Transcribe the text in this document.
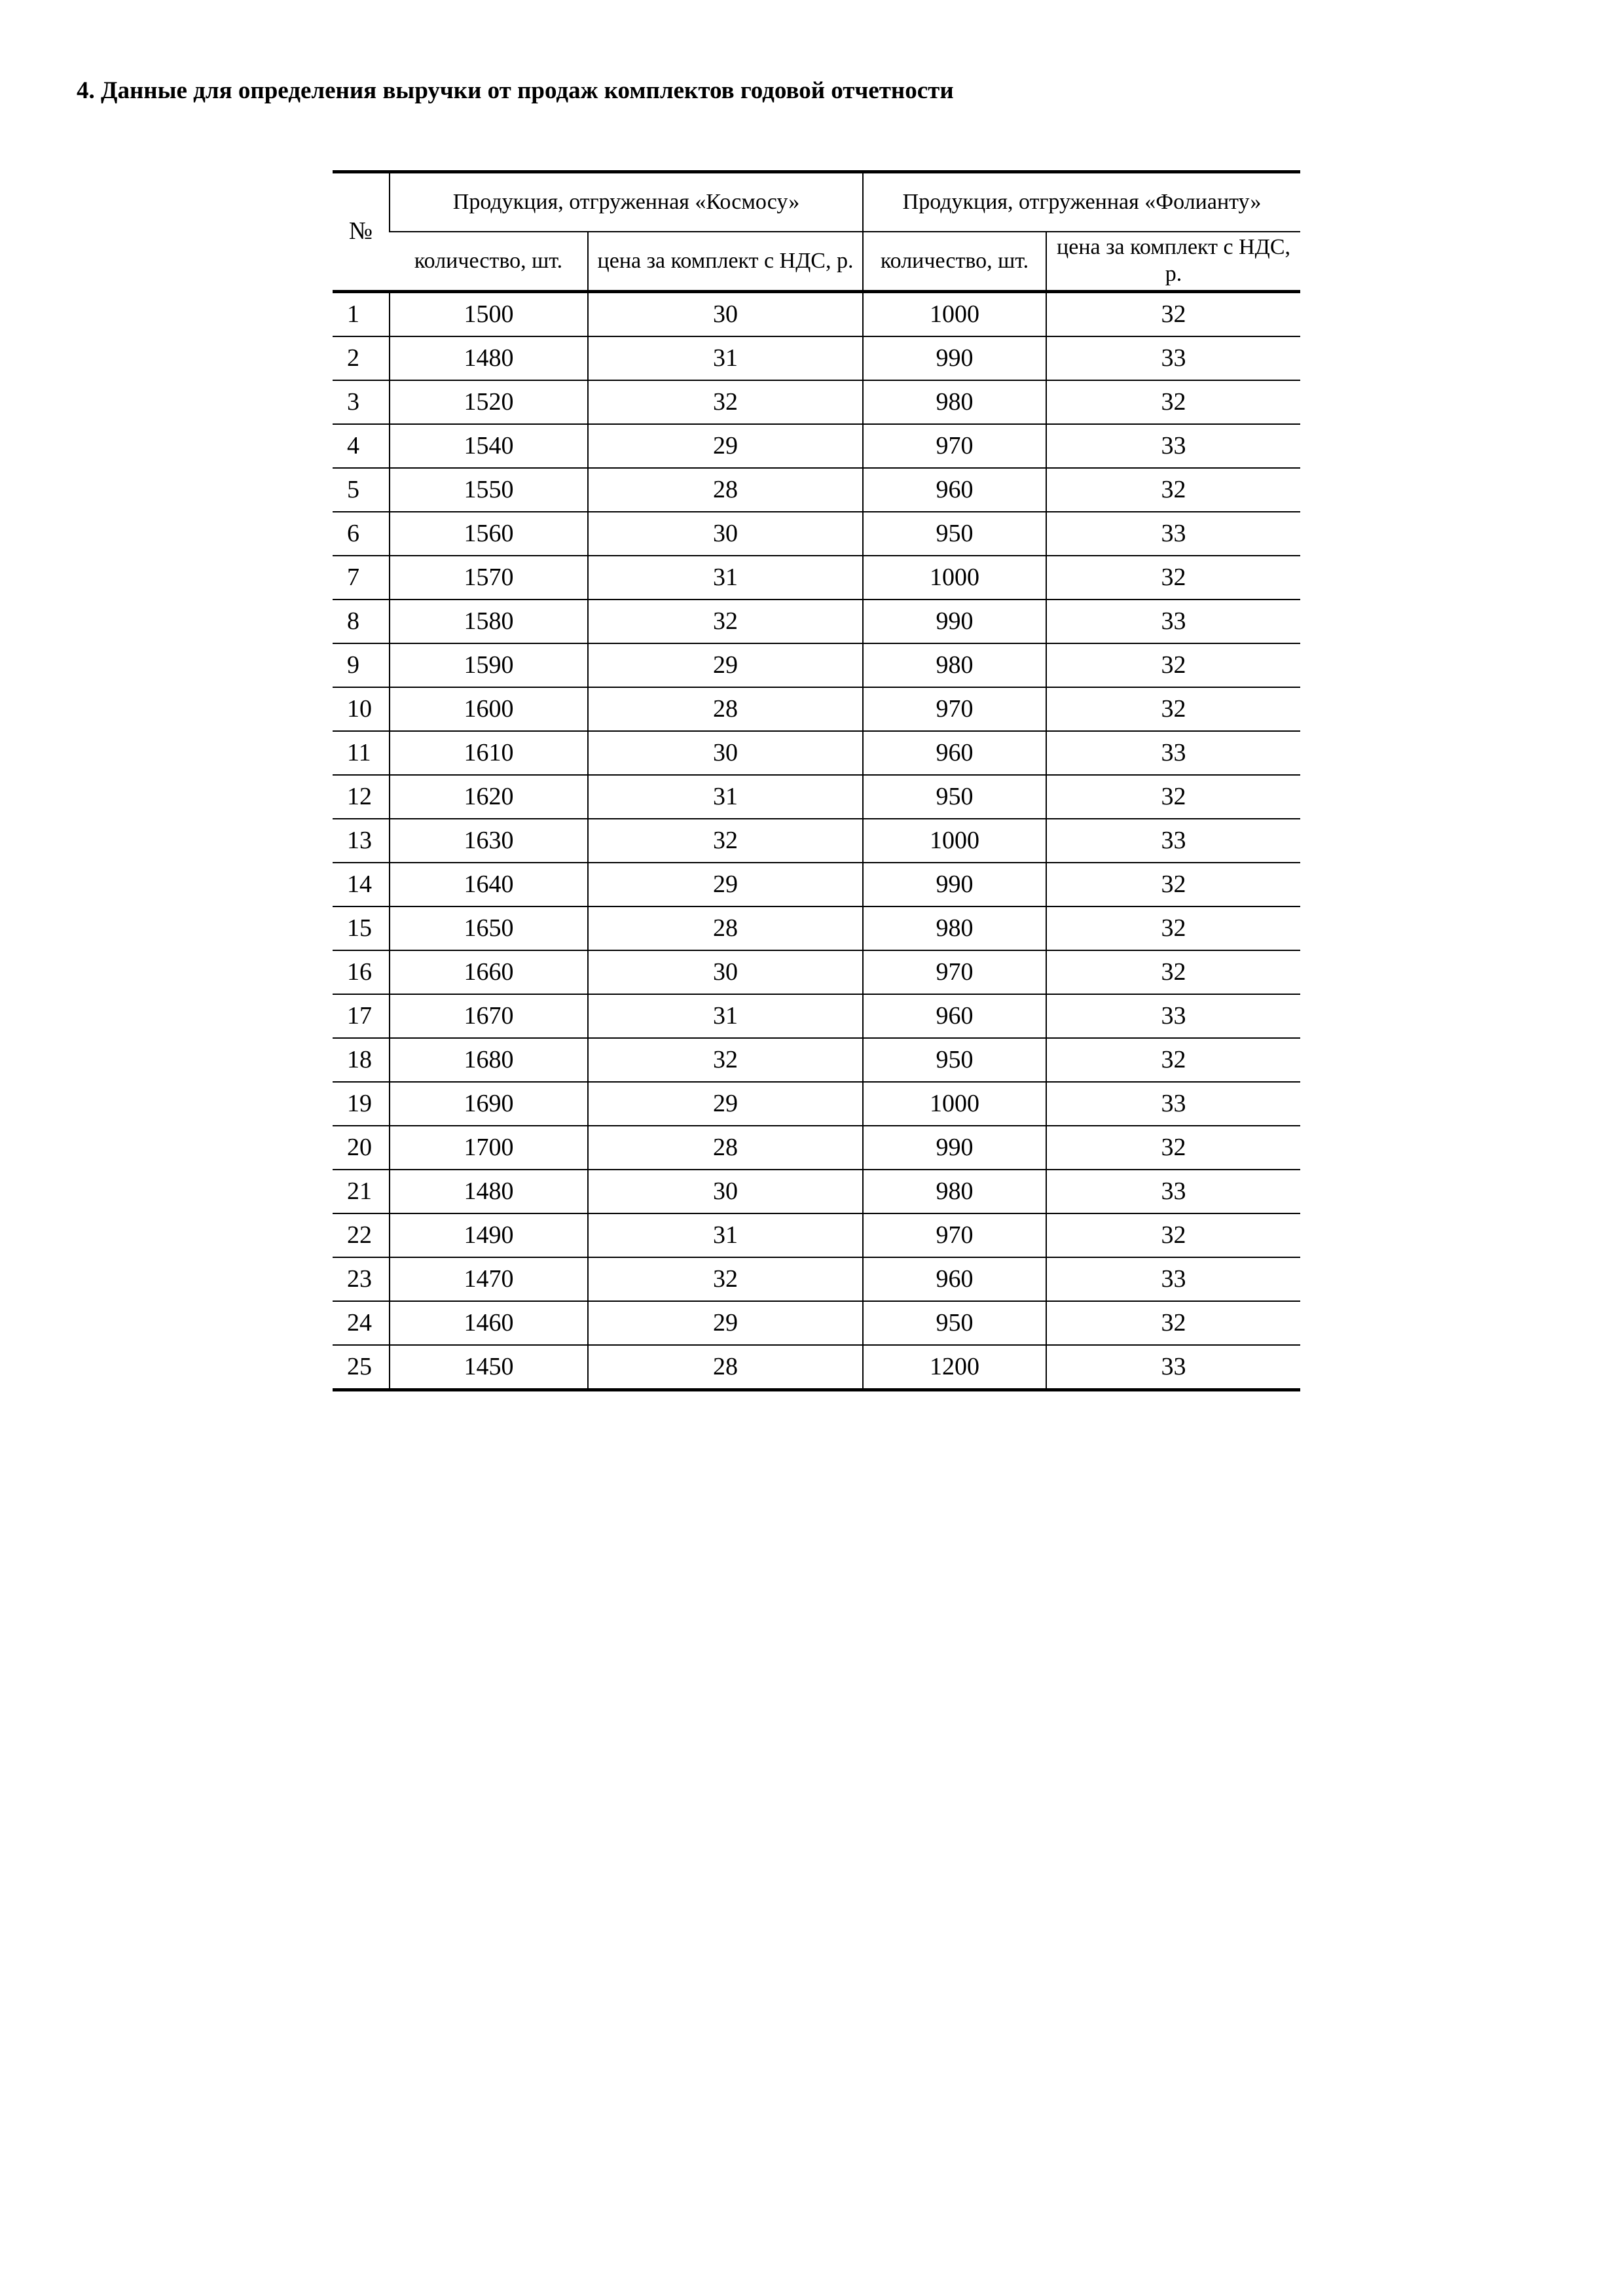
4. Данные для определения выручки от продаж комплектов годовой отчетности
№	Продукция, отгруженная «Космосу»		Продукция, отгруженная «Фолианту»	
	количество, шт.	цена за комплект с НДС, р.	количество, шт.	цена за комплект с НДС, р.
1	1500	30	1000	32
2	1480	31	990	33
3	1520	32	980	32
4	1540	29	970	33
5	1550	28	960	32
6	1560	30	950	33
7	1570	31	1000	32
8	1580	32	990	33
9	1590	29	980	32
10	1600	28	970	32
11	1610	30	960	33
12	1620	31	950	32
13	1630	32	1000	33
14	1640	29	990	32
15	1650	28	980	32
16	1660	30	970	32
17	1670	31	960	33
18	1680	32	950	32
19	1690	29	1000	33
20	1700	28	990	32
21	1480	30	980	33
22	1490	31	970	32
23	1470	32	960	33
24	1460	29	950	32
25	1450	28	1200	33
